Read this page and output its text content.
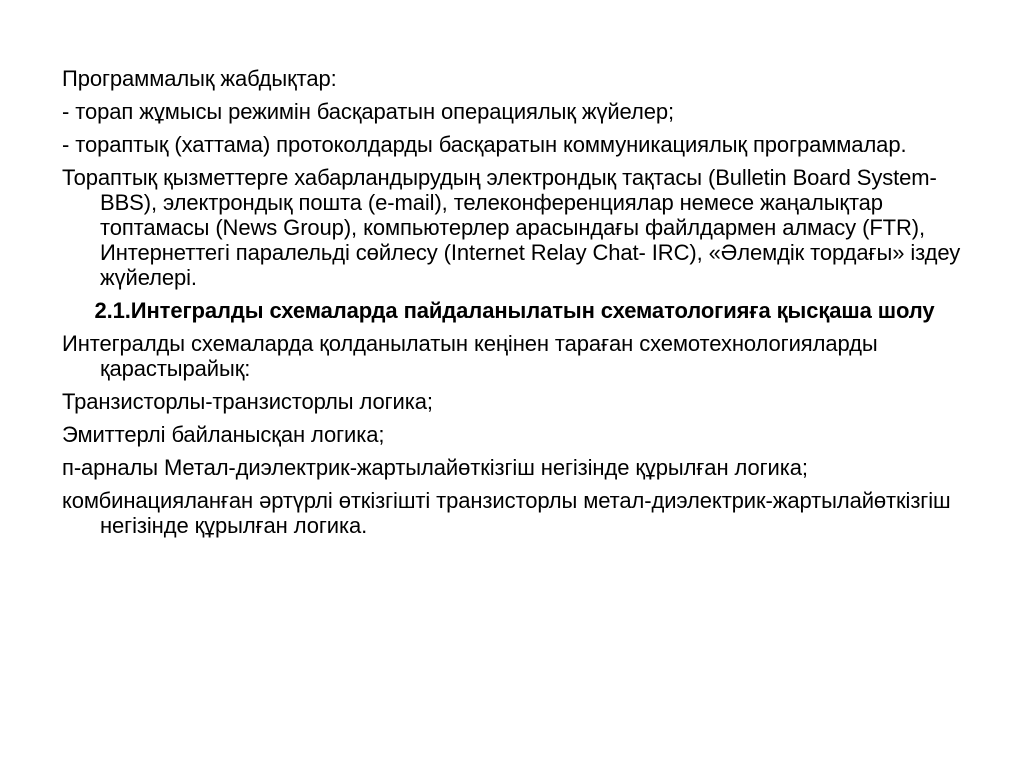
Программалық жабдықтар:

- торап жұмысы режимін басқаратын операциялық жүйелер;

- тораптық (хаттама) протоколдарды басқаратын коммуникациялық программалар.

Тораптық қызметтерге хабарландырудың электрондық тақтасы (Bulletin Board System-BBS), электрондық пошта (e-mail), телеконференциялар немесе жаңалықтар топтамасы (News Group), компьютерлер арасындағы файлдармен алмасу (FTR), Интернеттегі паралельді сөйлесу (Internet Relay Chat- IRC), «Әлемдік тордағы» іздеу жүйелері.

2.1.Интегралды схемаларда пайдаланылатын схематологияға қысқаша шолу

Интегралды схемаларда қолданылатын кеңінен тараған схемотехнологияларды қарастырайық:

Транзисторлы-транзисторлы логика;

Эмиттерлі байланысқан логика;

п-арналы Метал-диэлектрик-жартылайөткізгіш негізінде құрылған логика;

комбинацияланған әртүрлі өткізгішті транзисторлы метал-диэлектрик-жартылайөткізгіш негізінде құрылған логика.
